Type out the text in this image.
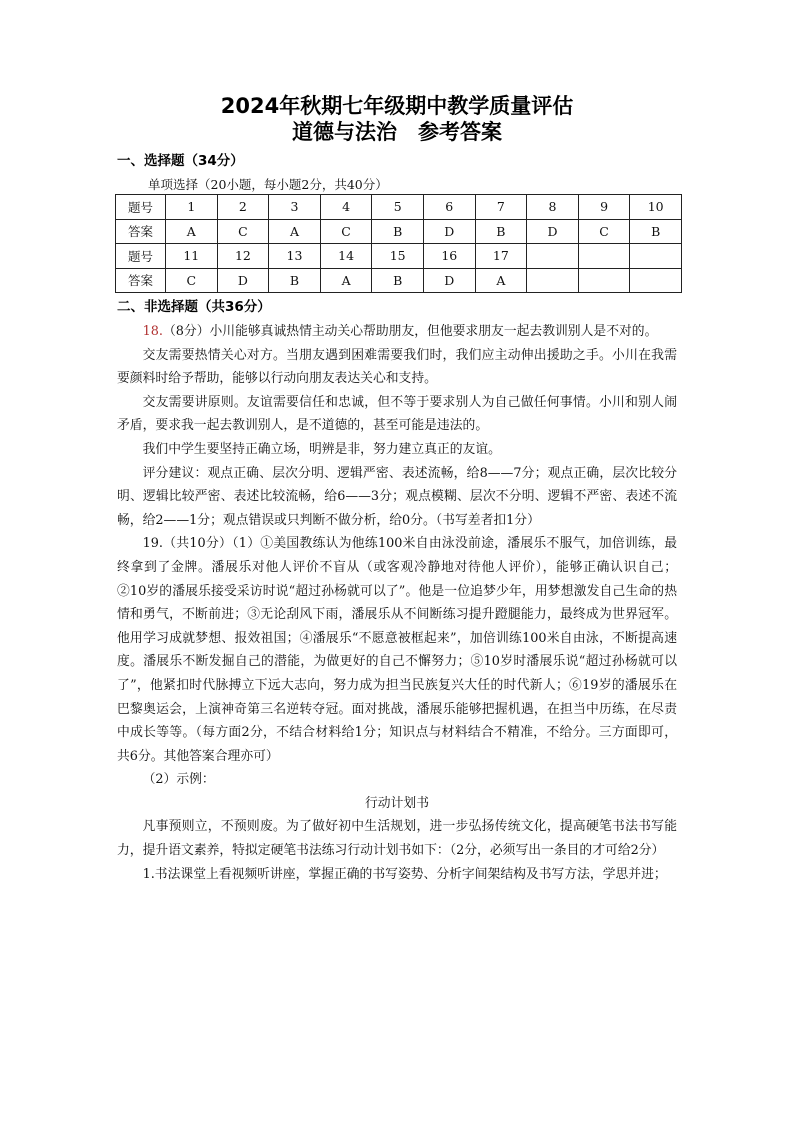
2024年秋期七年级期中教学质量评估
道德与法治　参考答案
一、选择题（34分）
单项选择（20小题，每小题2分，共40分）
题号	1	2	3	4	5	6	7	8	9	10
答案	A	C	A	C	B	D	B	D	C	B
题号	11	12	13	14	15	16	17			
答案	C	D	B	A	B	D	A			
二、非选择题（共36分）

18.（8分）小川能够真诚热情主动关心帮助朋友，但他要求朋友一起去教训别人是不对的。

交友需要热情关心对方。当朋友遇到困难需要我们时，我们应主动伸出援助之手。小川在我需要颜料时给予帮助，能够以行动向朋友表达关心和支持。

交友需要讲原则。友谊需要信任和忠诚，但不等于要求别人为自己做任何事情。小川和别人闹矛盾，要求我一起去教训别人，是不道德的，甚至可能是违法的。

我们中学生要坚持正确立场，明辨是非，努力建立真正的友谊。

评分建议：观点正确、层次分明、逻辑严密、表述流畅，给8——7分；观点正确，层次比较分明、逻辑比较严密、表述比较流畅，给6——3分；观点模糊、层次不分明、逻辑不严密、表述不流畅，给2——1分；观点错误或只判断不做分析，给0分。（书写差者扣1分）

19.（共10分）（1）①美国教练认为他练100米自由泳没前途，潘展乐不服气，加倍训练，最终拿到了金牌。潘展乐对他人评价不盲从（或客观冷静地对待他人评价），能够正确认识自己；②10岁的潘展乐接受采访时说“超过孙杨就可以了”。他是一位追梦少年，用梦想激发自己生命的热情和勇气，不断前进；③无论刮风下雨，潘展乐从不间断练习提升蹬腿能力，最终成为世界冠军。他用学习成就梦想、报效祖国；④潘展乐“不愿意被框起来”，加倍训练100米自由泳，不断提高速度。潘展乐不断发掘自己的潜能，为做更好的自己不懈努力；⑤10岁时潘展乐说“超过孙杨就可以了”，他紧扣时代脉搏立下远大志向，努力成为担当民族复兴大任的时代新人；⑥19岁的潘展乐在巴黎奥运会，上演神奇第三名逆转夺冠。面对挑战，潘展乐能够把握机遇，在担当中历练，在尽责中成长等等。（每方面2分，不结合材料给1分；知识点与材料结合不精准，不给分。三方面即可，共6分。其他答案合理亦可）

（2）示例：

行动计划书

凡事预则立，不预则废。为了做好初中生活规划，进一步弘扬传统文化，提高硬笔书法书写能力，提升语文素养，特拟定硬笔书法练习行动计划书如下：（2分，必须写出一条目的才可给2分）

1.书法课堂上看视频听讲座，掌握正确的书写姿势、分析字间架结构及书写方法，学思并进；
